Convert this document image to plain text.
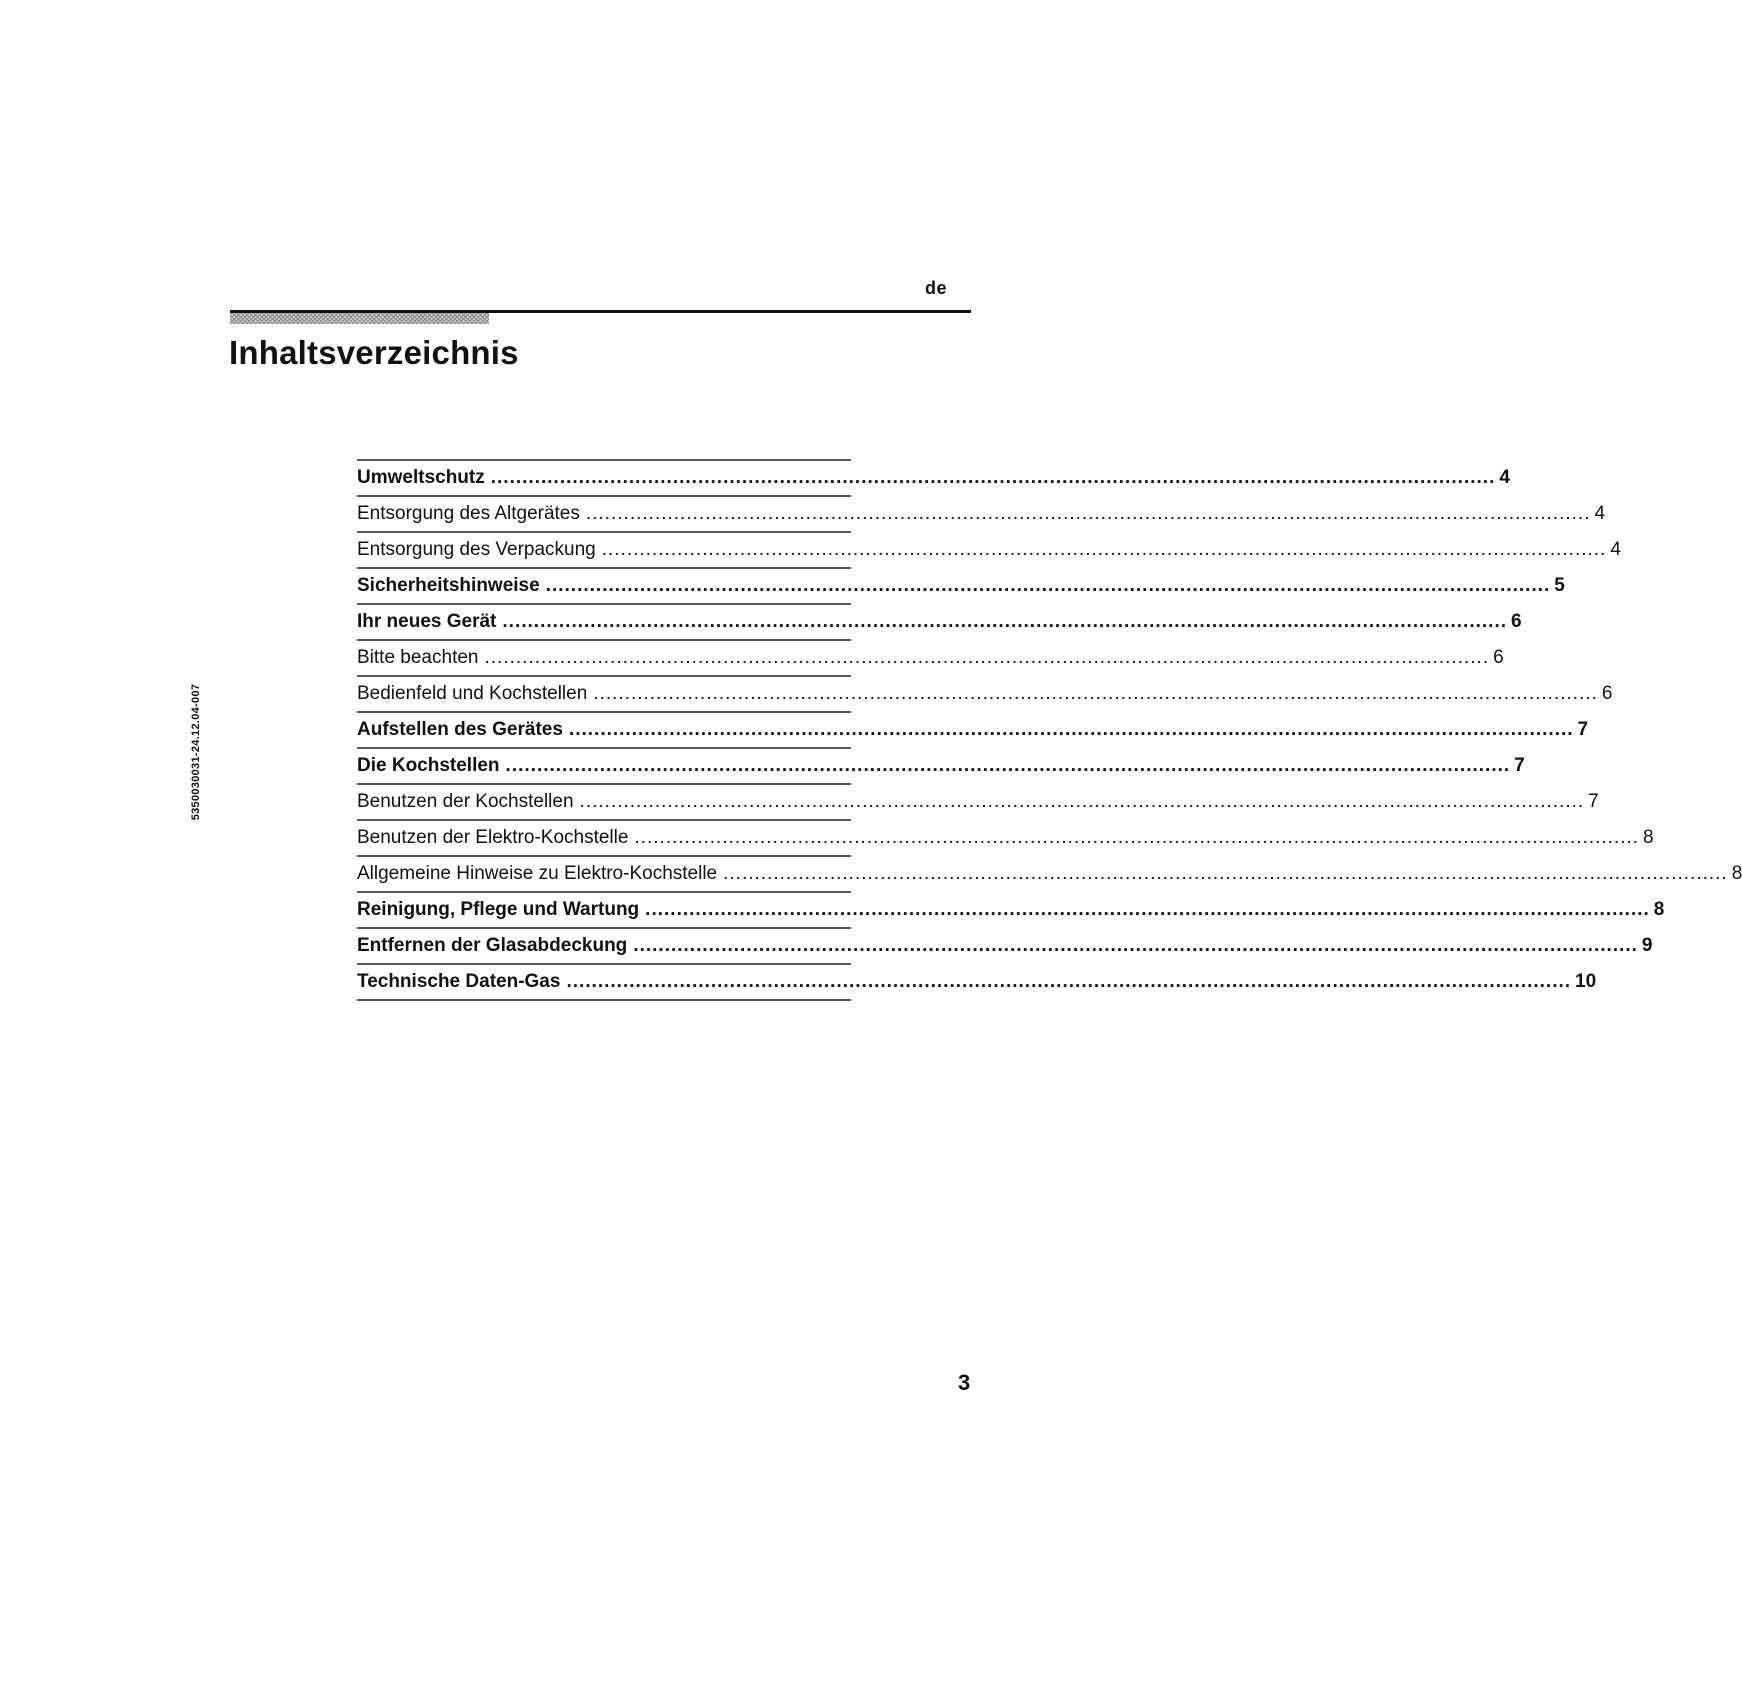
de
Inhaltsverzeichnis
5350030031-24.12.04-007
Umweltschutz ................................................................................................................................................................ 4
Entsorgung des Altgerätes ................................................................................................................................................................ 4
Entsorgung des Verpackung ................................................................................................................................................................ 4
Sicherheitshinweise ................................................................................................................................................................ 5
Ihr neues Gerät ................................................................................................................................................................ 6
Bitte beachten ................................................................................................................................................................ 6
Bedienfeld und Kochstellen ................................................................................................................................................................ 6
Aufstellen des Gerätes ................................................................................................................................................................ 7
Die Kochstellen ................................................................................................................................................................ 7
Benutzen der Kochstellen ................................................................................................................................................................ 7
Benutzen der Elektro-Kochstelle ................................................................................................................................................................ 8
Allgemeine Hinweise zu Elektro-Kochstelle ................................................................................................................................................................ 8
Reinigung, Pflege und Wartung ................................................................................................................................................................ 8
Entfernen der Glasabdeckung ................................................................................................................................................................ 9
Technische Daten-Gas ................................................................................................................................................................ 10
3
